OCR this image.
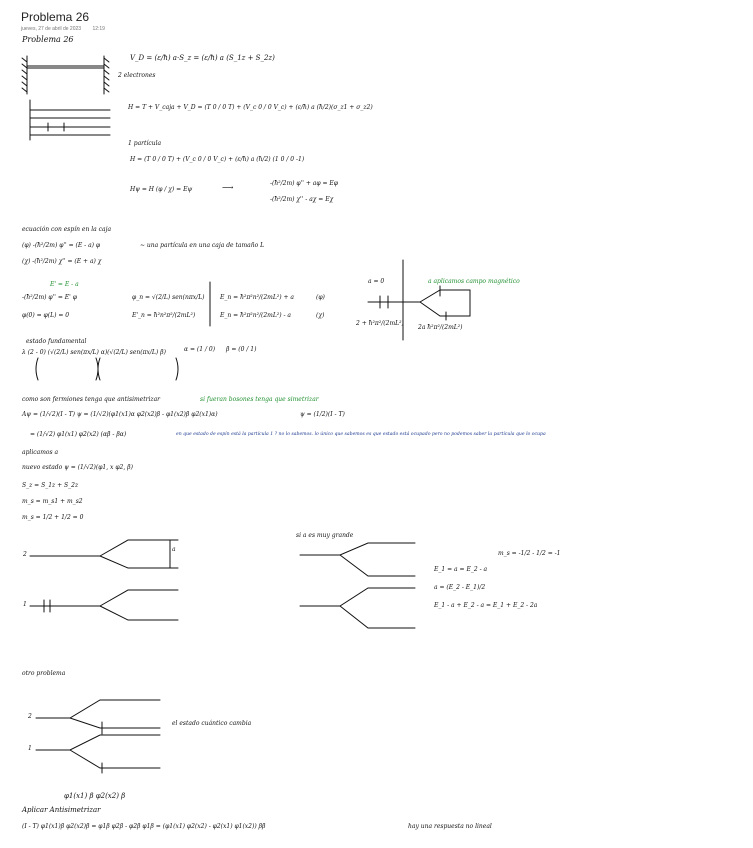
Problema 26
jueves, 27 de abril de 2023 12:19
Problema 26
V_D = (ε/ħ) a·S_z = (ε/ħ) a (S_1z + S_2z)
2 electrones
H = T + V_caja + V_D = (T 0 / 0 T) + (V_c 0 / 0 V_c) + (ε/ħ) a (ħ/2)(σ_z1 + σ_z2)
1 partícula
H = (T 0 / 0 T) + (V_c 0 / 0 V_c) + (ε/ħ) a (ħ/2) (1 0 / 0 -1)
Hψ = H (φ / χ) = Eψ	⟶	-(ħ²/2m) φ'' + aφ = Eφ
-(ħ²/2m) χ'' - aχ = Eχ
ecuación con espín en la caja
(φ) -(ħ²/2m) φ'' = (E - a) φ	~ una partícula en una caja de tamaño L
(χ) -(ħ²/2m) χ'' = (E + a) χ
E' = E - a
-(ħ²/2m) φ'' = E' φ
φ(0) = φ(L) = 0
φ_n = √(2/L) sen(nπx/L)
E'_n = ħ²n²π²/(2mL²)
E_n = ħ²π²n²/(2mL²) + a
E_n = ħ²π²n²/(2mL²) - a
(φ)
(χ)
a = 0	a aplicamos campo magnético
2 + ħ²π²/(2mL²)
2a ħ²π²/(2mL²)
estado fundamental
λ (2 - 0) (√(2/L) sen(πx/L) α)(√(2/L) sen(πx/L) β)	α = (1 / 0) β = (0 / 1)
como son fermiones tenga que antisimetrizar	si fueran bosones tenga que simetrizar
Aψ = (1/√2)(I - T) ψ = (1/√2)(φ1(x1)α φ2(x2)β - φ1(x2)β φ2(x1)α)	ψ = (1/2)(I - T)
= (1/√2) φ1(x1) φ2(x2) (αβ - βα)	en que estado de espín está la partícula 1 ? no lo sabemos. lo único que sabemos es que estado está ocupado pero no podemos saber la partícula que lo ocupa
aplicamos a
nuevo estado ψ = (1/√2)(φ1, x φ2, β)
S_z = S_1z + S_2z
m_s = m_s1 + m_s2
m_s = 1/2 + 1/2 = 0
a
2
1
si a es muy grande
m_s = -1/2 - 1/2 = -1
E_1 = a = E_2 - a
a = (E_2 - E_1)/2
E_1 - a + E_2 - a = E_1 + E_2 - 2a
otro problema
2
1
el estado cuántico cambia
φ1(x1) β φ2(x2) β
Aplicar Antisimetrizar
(I - T) φ1(x1)β φ2(x2)β = φ1β φ2β - φ2β φ1β = (φ1(x1) φ2(x2) - φ2(x1) φ1(x2)) ββ	hay una respuesta no lineal
